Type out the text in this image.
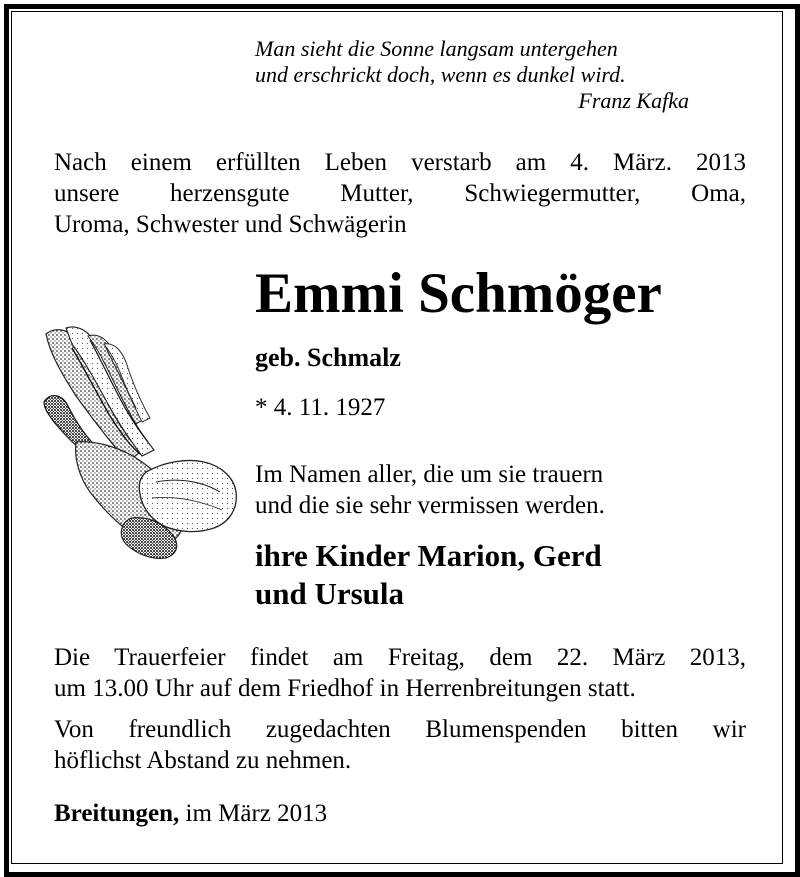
Man sieht die Sonne langsam untergehen
und erschrickt doch, wenn es dunkel wird.
Franz Kafka
Nach einem erfüllten Leben verstarb am 4. März. 2013
unsere herzensgute Mutter, Schwiegermutter, Oma,
Uroma, Schwester und Schwägerin
Emmi Schmöger
geb. Schmalz
* 4. 11. 1927
Im Namen aller, die um sie trauern
und die sie sehr vermissen werden.
ihre Kinder Marion, Gerd
und Ursula
Die Trauerfeier findet am Freitag, dem 22. März 2013,
um 13.00 Uhr auf dem Friedhof in Herrenbreitungen statt.
Von freundlich zugedachten Blumenspenden bitten wir
höflichst Abstand zu nehmen.
Breitungen, im März 2013
